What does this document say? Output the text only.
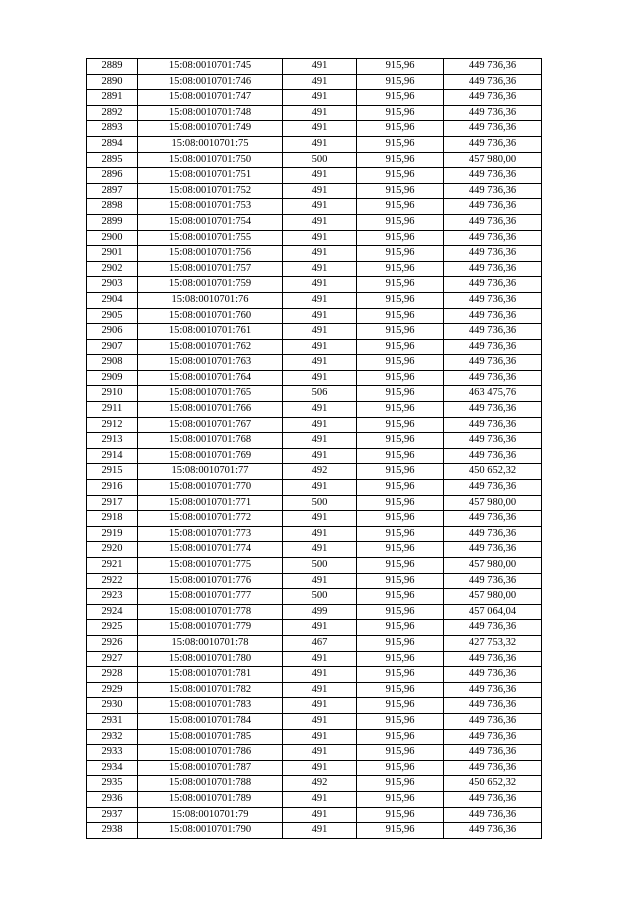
2889	15:08:0010701:745	491	915,96	449 736,36
2890	15:08:0010701:746	491	915,96	449 736,36
2891	15:08:0010701:747	491	915,96	449 736,36
2892	15:08:0010701:748	491	915,96	449 736,36
2893	15:08:0010701:749	491	915,96	449 736,36
2894	15:08:0010701:75	491	915,96	449 736,36
2895	15:08:0010701:750	500	915,96	457 980,00
2896	15:08:0010701:751	491	915,96	449 736,36
2897	15:08:0010701:752	491	915,96	449 736,36
2898	15:08:0010701:753	491	915,96	449 736,36
2899	15:08:0010701:754	491	915,96	449 736,36
2900	15:08:0010701:755	491	915,96	449 736,36
2901	15:08:0010701:756	491	915,96	449 736,36
2902	15:08:0010701:757	491	915,96	449 736,36
2903	15:08:0010701:759	491	915,96	449 736,36
2904	15:08:0010701:76	491	915,96	449 736,36
2905	15:08:0010701:760	491	915,96	449 736,36
2906	15:08:0010701:761	491	915,96	449 736,36
2907	15:08:0010701:762	491	915,96	449 736,36
2908	15:08:0010701:763	491	915,96	449 736,36
2909	15:08:0010701:764	491	915,96	449 736,36
2910	15:08:0010701:765	506	915,96	463 475,76
2911	15:08:0010701:766	491	915,96	449 736,36
2912	15:08:0010701:767	491	915,96	449 736,36
2913	15:08:0010701:768	491	915,96	449 736,36
2914	15:08:0010701:769	491	915,96	449 736,36
2915	15:08:0010701:77	492	915,96	450 652,32
2916	15:08:0010701:770	491	915,96	449 736,36
2917	15:08:0010701:771	500	915,96	457 980,00
2918	15:08:0010701:772	491	915,96	449 736,36
2919	15:08:0010701:773	491	915,96	449 736,36
2920	15:08:0010701:774	491	915,96	449 736,36
2921	15:08:0010701:775	500	915,96	457 980,00
2922	15:08:0010701:776	491	915,96	449 736,36
2923	15:08:0010701:777	500	915,96	457 980,00
2924	15:08:0010701:778	499	915,96	457 064,04
2925	15:08:0010701:779	491	915,96	449 736,36
2926	15:08:0010701:78	467	915,96	427 753,32
2927	15:08:0010701:780	491	915,96	449 736,36
2928	15:08:0010701:781	491	915,96	449 736,36
2929	15:08:0010701:782	491	915,96	449 736,36
2930	15:08:0010701:783	491	915,96	449 736,36
2931	15:08:0010701:784	491	915,96	449 736,36
2932	15:08:0010701:785	491	915,96	449 736,36
2933	15:08:0010701:786	491	915,96	449 736,36
2934	15:08:0010701:787	491	915,96	449 736,36
2935	15:08:0010701:788	492	915,96	450 652,32
2936	15:08:0010701:789	491	915,96	449 736,36
2937	15:08:0010701:79	491	915,96	449 736,36
2938	15:08:0010701:790	491	915,96	449 736,36
